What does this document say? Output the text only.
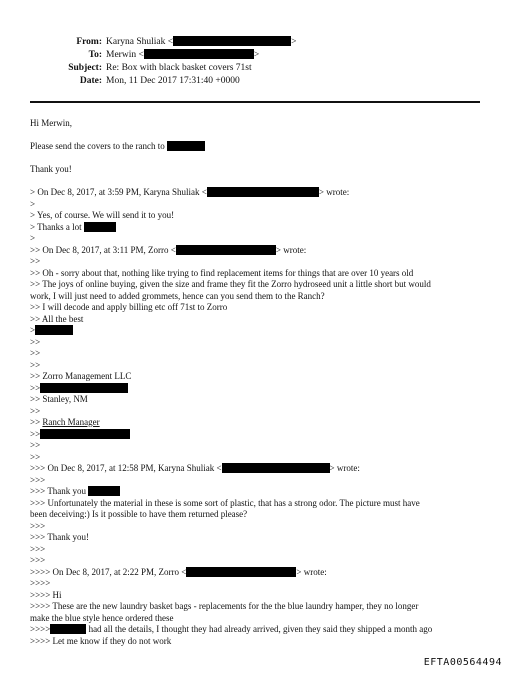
From: Karyna Shuliak <	>
To: Merwin <	>
Subject: Re: Box with black basket covers 71st
Date: Mon, 11 Dec 2017 17:31:40 +0000
Hi Merwin,
Please send the covers to the ranch to
Thank you!
> On Dec 8, 2017, at 3:59 PM, Karyna Shuliak <	> wrote:
>
> Yes, of course. We will send it to you!
> Thanks a lot
>
>> On Dec 8, 2017, at 3:11 PM, Zorro <	> wrote:
>>
>> Oh - sorry about that, nothing like trying to find replacement items for things that are over 10 years old
>> The joys of online buying, given the size and frame they fit the Zorro hydroseed unit a little short but would
work, I will just need to added grommets, hence can you send them to the Ranch?
>> I will decode and apply billing etc off 71st to Zorro
>> All the best
>
>>
>>
>>
>> Zorro Management LLC
>>
>> Stanley, NM
>>
>> Ranch Manager
>>
>>
>>
>>> On Dec 8, 2017, at 12:58 PM, Karyna Shuliak <	> wrote:
>>>
>>> Thank you
>>> Unfortunately the material in these is some sort of plastic, that has a strong odor. The picture must have
been deceiving:) Is it possible to have them returned please?
>>>
>>> Thank you!
>>>
>>>
>>>> On Dec 8, 2017, at 2:22 PM, Zorro <	> wrote:
>>>>
>>>> Hi
>>>> These are the new laundry basket bags - replacements for the the blue laundry hamper, they no longer
make the blue style hence ordered these
>>>>	had all the details, I thought they had already arrived, given they said they shipped a month ago
>>>> Let me know if they do not work
EFTA00564494
